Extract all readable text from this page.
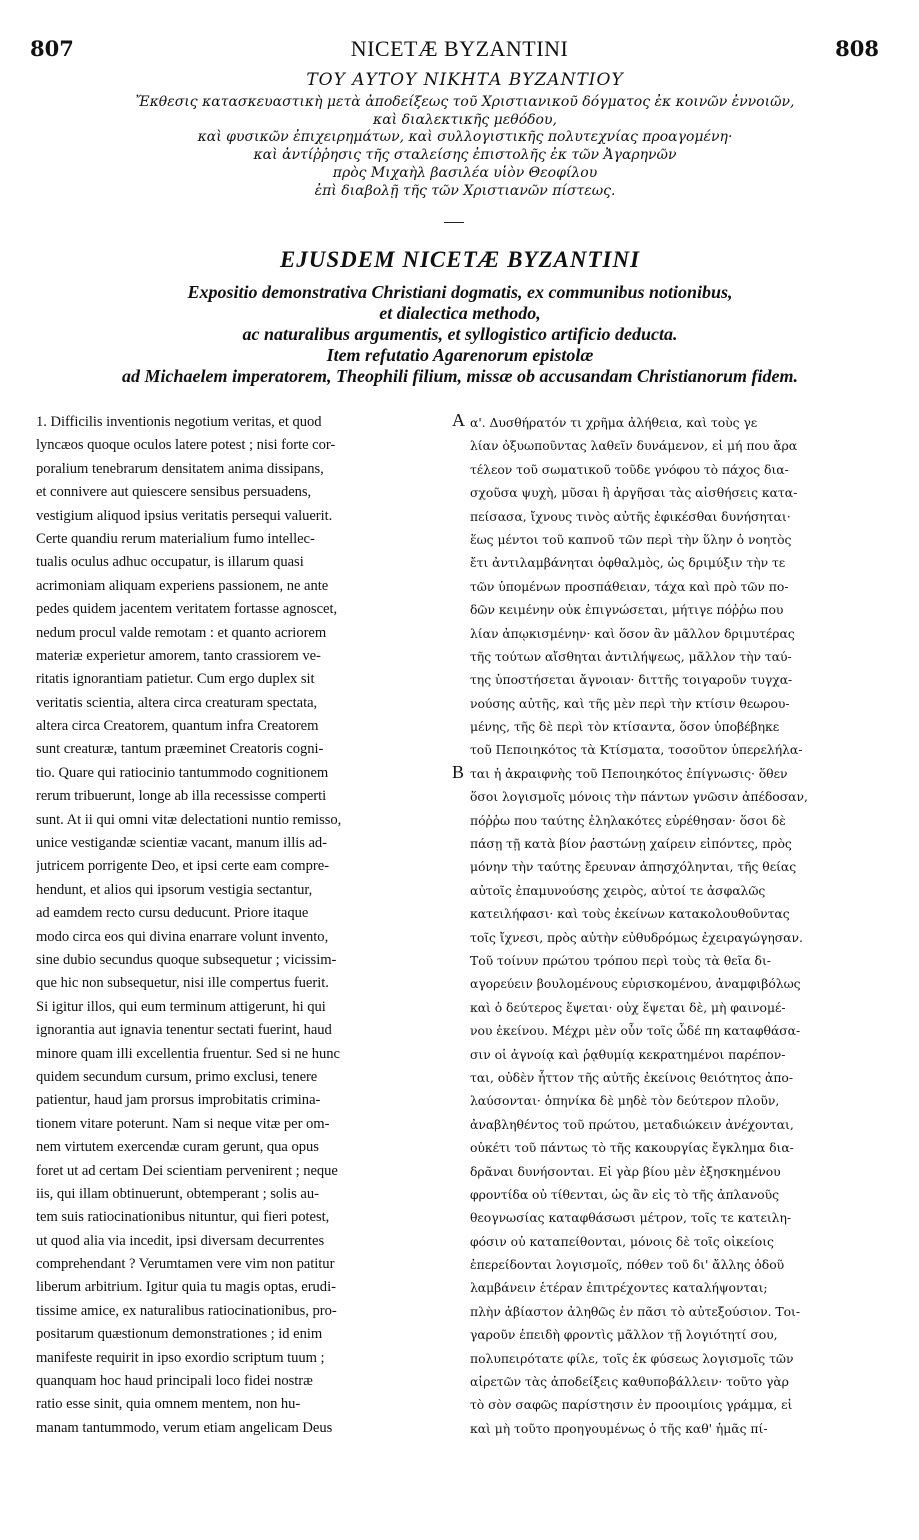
807	NICETÆ BYZANTINI	808
ΤΟΥ ΑΥΤΟΥ ΝΙΚΗΤΑ ΒΥΖΑΝΤΙΟΥ
Ἔκθεσις κατασκευαστικὴ μετὰ ἀποδείξεως τοῦ Χριστιανικοῦ δόγματος ἐκ κοινῶν ἐννοιῶν,
καὶ διαλεκτικῆς μεθόδου,
καὶ φυσικῶν ἐπιχειρημάτων, καὶ συλλογιστικῆς πολυτεχνίας προαγομένη·
καὶ ἀντίῤῥησις τῆς σταλείσης ἐπιστολῆς ἐκ τῶν Ἀγαρηνῶν
πρὸς Μιχαὴλ βασιλέα υἱὸν Θεοφίλου
ἐπὶ διαβολῇ τῆς τῶν Χριστιανῶν πίστεως.
EJUSDEM NICETÆ BYZANTINI
Expositio demonstrativa Christiani dogmatis, ex communibus notionibus,
et dialectica methodo,
ac naturalibus argumentis, et syllogistico artificio deducta.
Item refutatio Agarenorum epistolæ
ad Michaelem imperatorem, Theophili filium, missæ ob accusandam Christianorum fidem.
A
B
1. Difficilis inventionis negotium veritas, et quod
lyncæos quoque oculos latere potest ; nisi forte cor-
poralium tenebrarum densitatem anima dissipans,
et connivere aut quiescere sensibus persuadens,
vestigium aliquod ipsius veritatis persequi valuerit.
Certe quandiu rerum materialium fumo intellec-
tualis oculus adhuc occupatur, is illarum quasi
acrimoniam aliquam experiens passionem, ne ante
pedes quidem jacentem veritatem fortasse agnoscet,
nedum procul valde remotam : et quanto acriorem
materiæ experietur amorem, tanto crassiorem ve-
ritatis ignorantiam patietur. Cum ergo duplex sit
veritatis scientia, altera circa creaturam spectata,
altera circa Creatorem, quantum infra Creatorem
sunt creaturæ, tantum præeminet Creatoris cogni-
tio. Quare qui ratiocinio tantummodo cognitionem
rerum tribuerunt, longe ab illa recessisse comperti
sunt. At ii qui omni vitæ delectationi nuntio remisso,
unice vestigandæ scientiæ vacant, manum illis ad-
jutricem porrigente Deo, et ipsi certe eam compre-
hendunt, et alios qui ipsorum vestigia sectantur,
ad eamdem recto cursu deducunt. Priore itaque
modo circa eos qui divina enarrare volunt invento,
sine dubio secundus quoque subsequetur ; vicissim-
que hic non subsequetur, nisi ille compertus fuerit.
Si igitur illos, qui eum terminum attigerunt, hi qui
ignorantia aut ignavia tenentur sectati fuerint, haud
minore quam illi excellentia fruentur. Sed si ne hunc
quidem secundum cursum, primo exclusi, tenere
patientur, haud jam prorsus improbitatis crimina-
tionem vitare poterunt. Nam si neque vitæ per om-
nem virtutem exercendæ curam gerunt, qua opus
foret ut ad certam Dei scientiam pervenirent ; neque
iis, qui illam obtinuerunt, obtemperant ; solis au-
tem suis ratiocinationibus nituntur, qui fieri potest,
ut quod alia via incedit, ipsi diversam decurrentes
comprehendant ? Verumtamen vere vim non patitur
liberum arbitrium. Igitur quia tu magis optas, erudi-
tissime amice, ex naturalibus ratiocinationibus, pro-
positarum quæstionum demonstrationes ; id enim
manifeste requirit in ipso exordio scriptum tuum ;
quanquam hoc haud principali loco fidei nostræ
ratio esse sinit, quia omnem mentem, non hu-
manam tantummodo, verum etiam angelicam Deus
α'. Δυσθήρατόν τι χρῆμα ἀλήθεια, καὶ τοὺς γε
λίαν ὀξυωποῦντας λαθεῖν δυνάμενον, εἰ μή που ἄρα
τέλεον τοῦ σωματικοῦ τοῦδε γνόφου τὸ πάχος δια-
σχοῦσα ψυχὴ, μῦσαι ἢ ἀργῆσαι τὰς αἰσθήσεις κατα-
πείσασα, ἴχνους τινὸς αὐτῆς ἐφικέσθαι δυνήσηται·
ἕως μέντοι τοῦ καπνοῦ τῶν περὶ τὴν ὕλην ὁ νοητὸς
ἔτι ἀντιλαμβάνηται ὀφθαλμὸς, ὡς δριμύξιν τὴν τε
τῶν ὑπομένων προσπάθειαν, τάχα καὶ πρὸ τῶν πο-
δῶν κειμένην οὐκ ἐπιγνώσεται, μήτιγε πόῤῥω που
λίαν ἀπῳκισμένην· καὶ ὅσον ἂν μᾶλλον δριμυτέρας
τῆς τούτων αἴσθηται ἀντιλήψεως, μᾶλλον τὴν ταύ-
της ὑποστήσεται ἄγνοιαν· διττῆς τοιγαροῦν τυγχα-
νούσης αὐτῆς, καὶ τῆς μὲν περὶ τὴν κτίσιν θεωρου-
μένης, τῆς δὲ περὶ τὸν κτίσαντα, ὅσον ὑποβέβηκε
τοῦ Πεποιηκότος τὰ Κτίσματα, τοσοῦτον ὑπερελήλα-
ται ἡ ἀκραιφνὴς τοῦ Πεποιηκότος ἐπίγνωσις· ὅθεν
ὅσοι λογισμοῖς μόνοις τὴν πάντων γνῶσιν ἀπέδοσαν,
πόῤῥω που ταύτης ἐληλακότες εὑρέθησαν· ὅσοι δὲ
πάσῃ τῇ κατὰ βίον ῥαστώνῃ χαίρειν εἰπόντες, πρὸς
μόνην τὴν ταύτης ἔρευναν ἀπησχόληνται, τῆς θείας
αὐτοῖς ἐπαμυνούσης χειρὸς, αὐτοί τε ἀσφαλῶς
κατειλήφασι· καὶ τοὺς ἐκείνων κατακολουθοῦντας
τοῖς ἴχνεσι, πρὸς αὐτὴν εὐθυδρόμως ἐχειραγώγησαν.
Τοῦ τοίνυν πρώτου τρόπου περὶ τοὺς τὰ θεῖα δι-
αγορεύειν βουλομένους εὑρισκομένου, ἀναμφιβόλως
καὶ ὁ δεύτερος ἕψεται· οὐχ ἕψεται δὲ, μὴ φαινομέ-
νου ἐκείνου. Μέχρι μὲν οὖν τοῖς ὧδέ πη καταφθάσα-
σιν οἱ ἀγνοίᾳ καὶ ῥᾳθυμίᾳ κεκρατημένοι παρέπον-
ται, οὐδὲν ἧττον τῆς αὐτῆς ἐκείνοις θειότητος ἀπο-
λαύσονται· ὁπηνίκα δὲ μηδὲ τὸν δεύτερον πλοῦν,
ἀναβληθέντος τοῦ πρώτου, μεταδιώκειν ἀνέχονται,
οὐκέτι τοῦ πάντως τὸ τῆς κακουργίας ἔγκλημα δια-
δρᾶναι δυνήσονται. Εἰ γὰρ βίου μὲν ἐξησκημένου
φροντίδα οὐ τίθενται, ὡς ἂν εἰς τὸ τῆς ἀπλανοῦς
θεογνωσίας καταφθάσωσι μέτρον, τοῖς τε κατειλη-
φόσιν οὐ καταπείθονται, μόνοις δὲ τοῖς οἰκείοις
ἐπερείδονται λογισμοῖς, πόθεν τοῦ δι' ἄλλης ὁδοῦ
λαμβάνειν ἑτέραν ἐπιτρέχοντες καταλήψονται;
πλὴν ἀβίαστον ἀληθῶς ἐν πᾶσι τὸ αὐτεξούσιον. Τοι-
γαροῦν ἐπειδὴ φροντὶς μᾶλλον τῇ λογιότητί σου,
πολυπειρότατε φίλε, τοῖς ἐκ φύσεως λογισμοῖς τῶν
αἱρετῶν τὰς ἀποδείξεις καθυποβάλλειν· τοῦτο γὰρ
τὸ σὸν σαφῶς παρίστησιν ἐν προοιμίοις γράμμα, εἰ
καὶ μὴ τοῦτο προηγουμένως ὁ τῆς καθ' ἡμᾶς πί-
